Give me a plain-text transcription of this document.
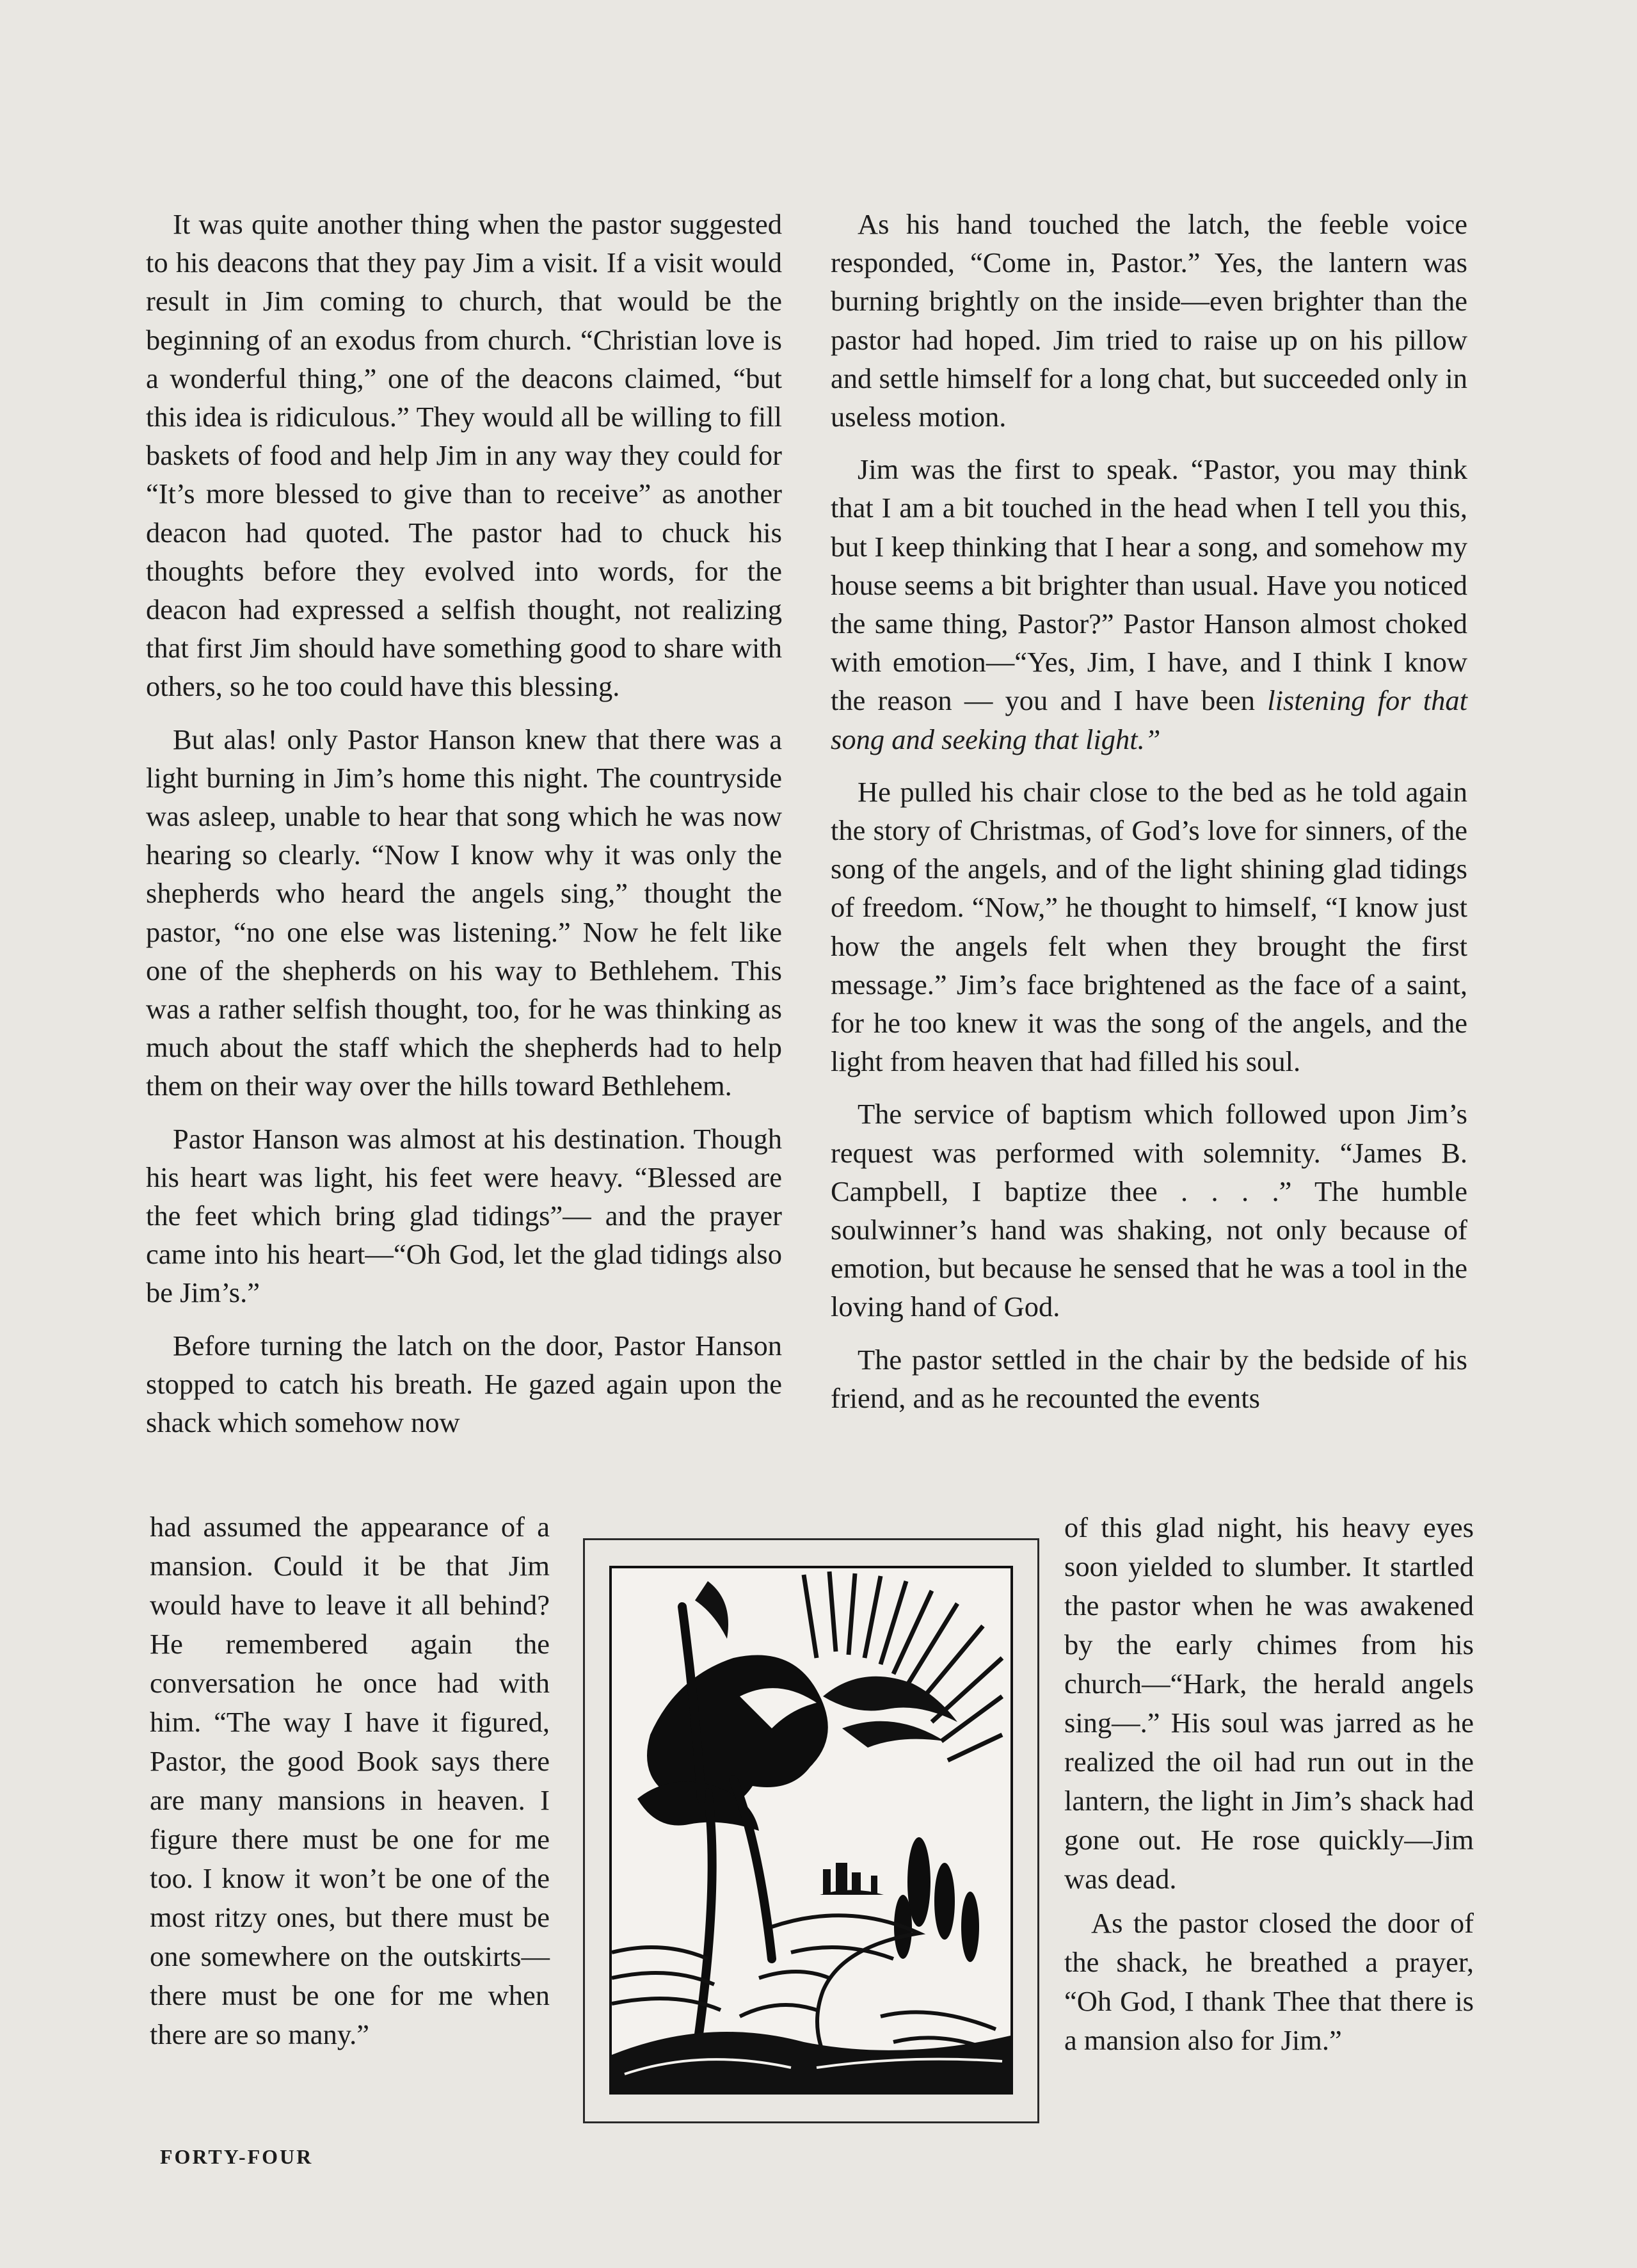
It was quite another thing when the pastor suggested to his deacons that they pay Jim a visit. If a visit would result in Jim coming to church, that would be the beginning of an exodus from church. “Christian love is a wonderful thing,” one of the deacons claimed, “but this idea is ridiculous.” They would all be willing to fill baskets of food and help Jim in any way they could for “It’s more blessed to give than to receive” as another deacon had quoted. The pastor had to chuck his thoughts before they evolved into words, for the deacon had expressed a selfish thought, not realizing that first Jim should have something good to share with others, so he too could have this blessing.

But alas! only Pastor Hanson knew that there was a light burning in Jim’s home this night. The countryside was asleep, unable to hear that song which he was now hearing so clearly. “Now I know why it was only the shepherds who heard the angels sing,” thought the pastor, “no one else was listening.” Now he felt like one of the shepherds on his way to Bethlehem. This was a rather selfish thought, too, for he was thinking as much about the staff which the shepherds had to help them on their way over the hills toward Bethlehem.

Pastor Hanson was almost at his destination. Though his heart was light, his feet were heavy. “Blessed are the feet which bring glad tidings”— and the prayer came into his heart—“Oh God, let the glad tidings also be Jim’s.”

Before turning the latch on the door, Pastor Hanson stopped to catch his breath. He gazed again upon the shack which somehow now

had assumed the appearance of a mansion. Could it be that Jim would have to leave it all behind? He remembered again the conversation he once had with him. “The way I have it figured, Pastor, the good Book says there are many mansions in heaven. I figure there must be one for me too. I know it won’t be one of the most ritzy ones, but there must be one somewhere on the outskirts—there must be one for me when there are so many.”

As his hand touched the latch, the feeble voice responded, “Come in, Pastor.” Yes, the lantern was burning brightly on the inside—even brighter than the pastor had hoped. Jim tried to raise up on his pillow and settle himself for a long chat, but succeeded only in useless motion.

Jim was the first to speak. “Pastor, you may think that I am a bit touched in the head when I tell you this, but I keep thinking that I hear a song, and somehow my house seems a bit brighter than usual. Have you noticed the same thing, Pastor?” Pastor Hanson almost choked with emotion—“Yes, Jim, I have, and I think I know the reason — you and I have been listening for that song and seeking that light.”

He pulled his chair close to the bed as he told again the story of Christmas, of God’s love for sinners, of the song of the angels, and of the light shining glad tidings of freedom. “Now,” he thought to himself, “I know just how the angels felt when they brought the first message.” Jim’s face brightened as the face of a saint, for he too knew it was the song of the angels, and the light from heaven that had filled his soul.

The service of baptism which followed upon Jim’s request was performed with solemnity. “James B. Campbell, I baptize thee . . . .” The humble soulwinner’s hand was shaking, not only because of emotion, but because he sensed that he was a tool in the loving hand of God.

The pastor settled in the chair by the bedside of his friend, and as he recounted the events

of this glad night, his heavy eyes soon yielded to slumber. It startled the pastor when he was awakened by the early chimes from his church—“Hark, the herald angels sing—.” His soul was jarred as he realized the oil had run out in the lantern, the light in Jim’s shack had gone out. He rose quickly—Jim was dead.

As the pastor closed the door of the shack, he breathed a prayer, “Oh God, I thank Thee that there is a mansion also for Jim.”

FORTY-FOUR
